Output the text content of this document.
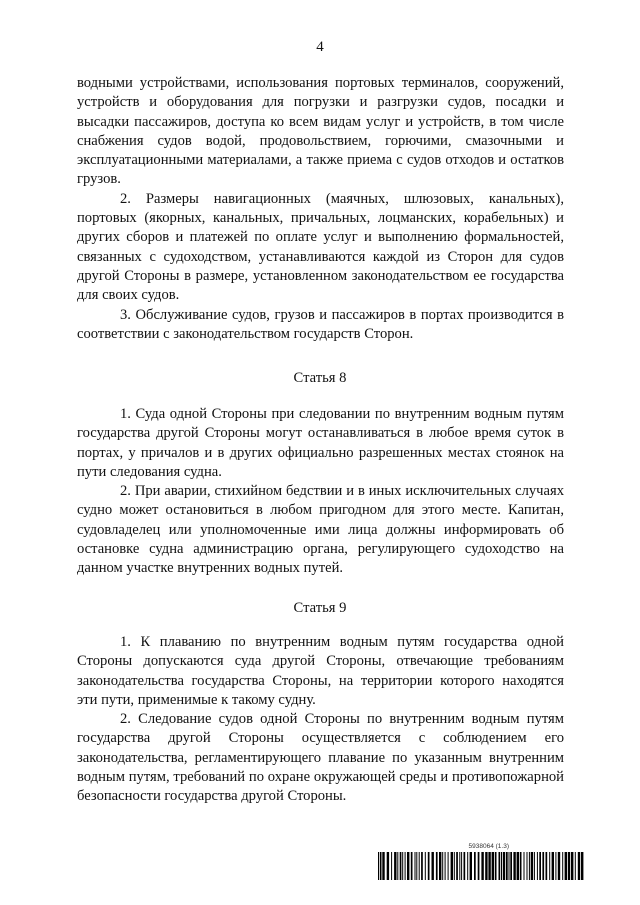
4

водными устройствами, использования портовых терминалов, сооружений, устройств и оборудования для погрузки и разгрузки судов, посадки и высадки пассажиров, доступа ко всем видам услуг и устройств, в том числе снабжения судов водой, продовольствием, горючими, смазочными и эксплуатационными материалами, а также приема с судов отходов и остатков грузов.

2. Размеры навигационных (маячных, шлюзовых, канальных), портовых (якорных, канальных, причальных, лоцманских, корабельных) и других сборов и платежей по оплате услуг и выполнению формальностей, связанных с судоходством, устанавливаются каждой из Сторон для судов другой Стороны в размере, установленном законодательством ее государства для своих судов.

3. Обслуживание судов, грузов и пассажиров в портах производится в соответствии с законодательством государств Сторон.

Статья 8

1. Суда одной Стороны при следовании по внутренним водным путям государства другой Стороны могут останавливаться в любое время суток в портах, у причалов и в других официально разрешенных местах стоянок на пути следования судна.

2. При аварии, стихийном бедствии и в иных исключительных случаях судно может остановиться в любом пригодном для этого месте. Капитан, судовладелец или уполномоченные ими лица должны информировать об остановке судна администрацию органа, регулирующего судоходство на данном участке внутренних водных путей.

Статья 9

1. К плаванию по внутренним водным путям государства одной Стороны допускаются суда другой Стороны, отвечающие требованиям законодательства государства Стороны, на территории которого находятся эти пути, применимые к такому судну.

2. Следование судов одной Стороны по внутренним водным путям государства другой Стороны осуществляется с соблюдением его законодательства, регламентирующего плавание по указанным внутренним водным путям, требований по охране окружающей среды и противопожарной безопасности государства другой Стороны.

5938064 (1.3)
